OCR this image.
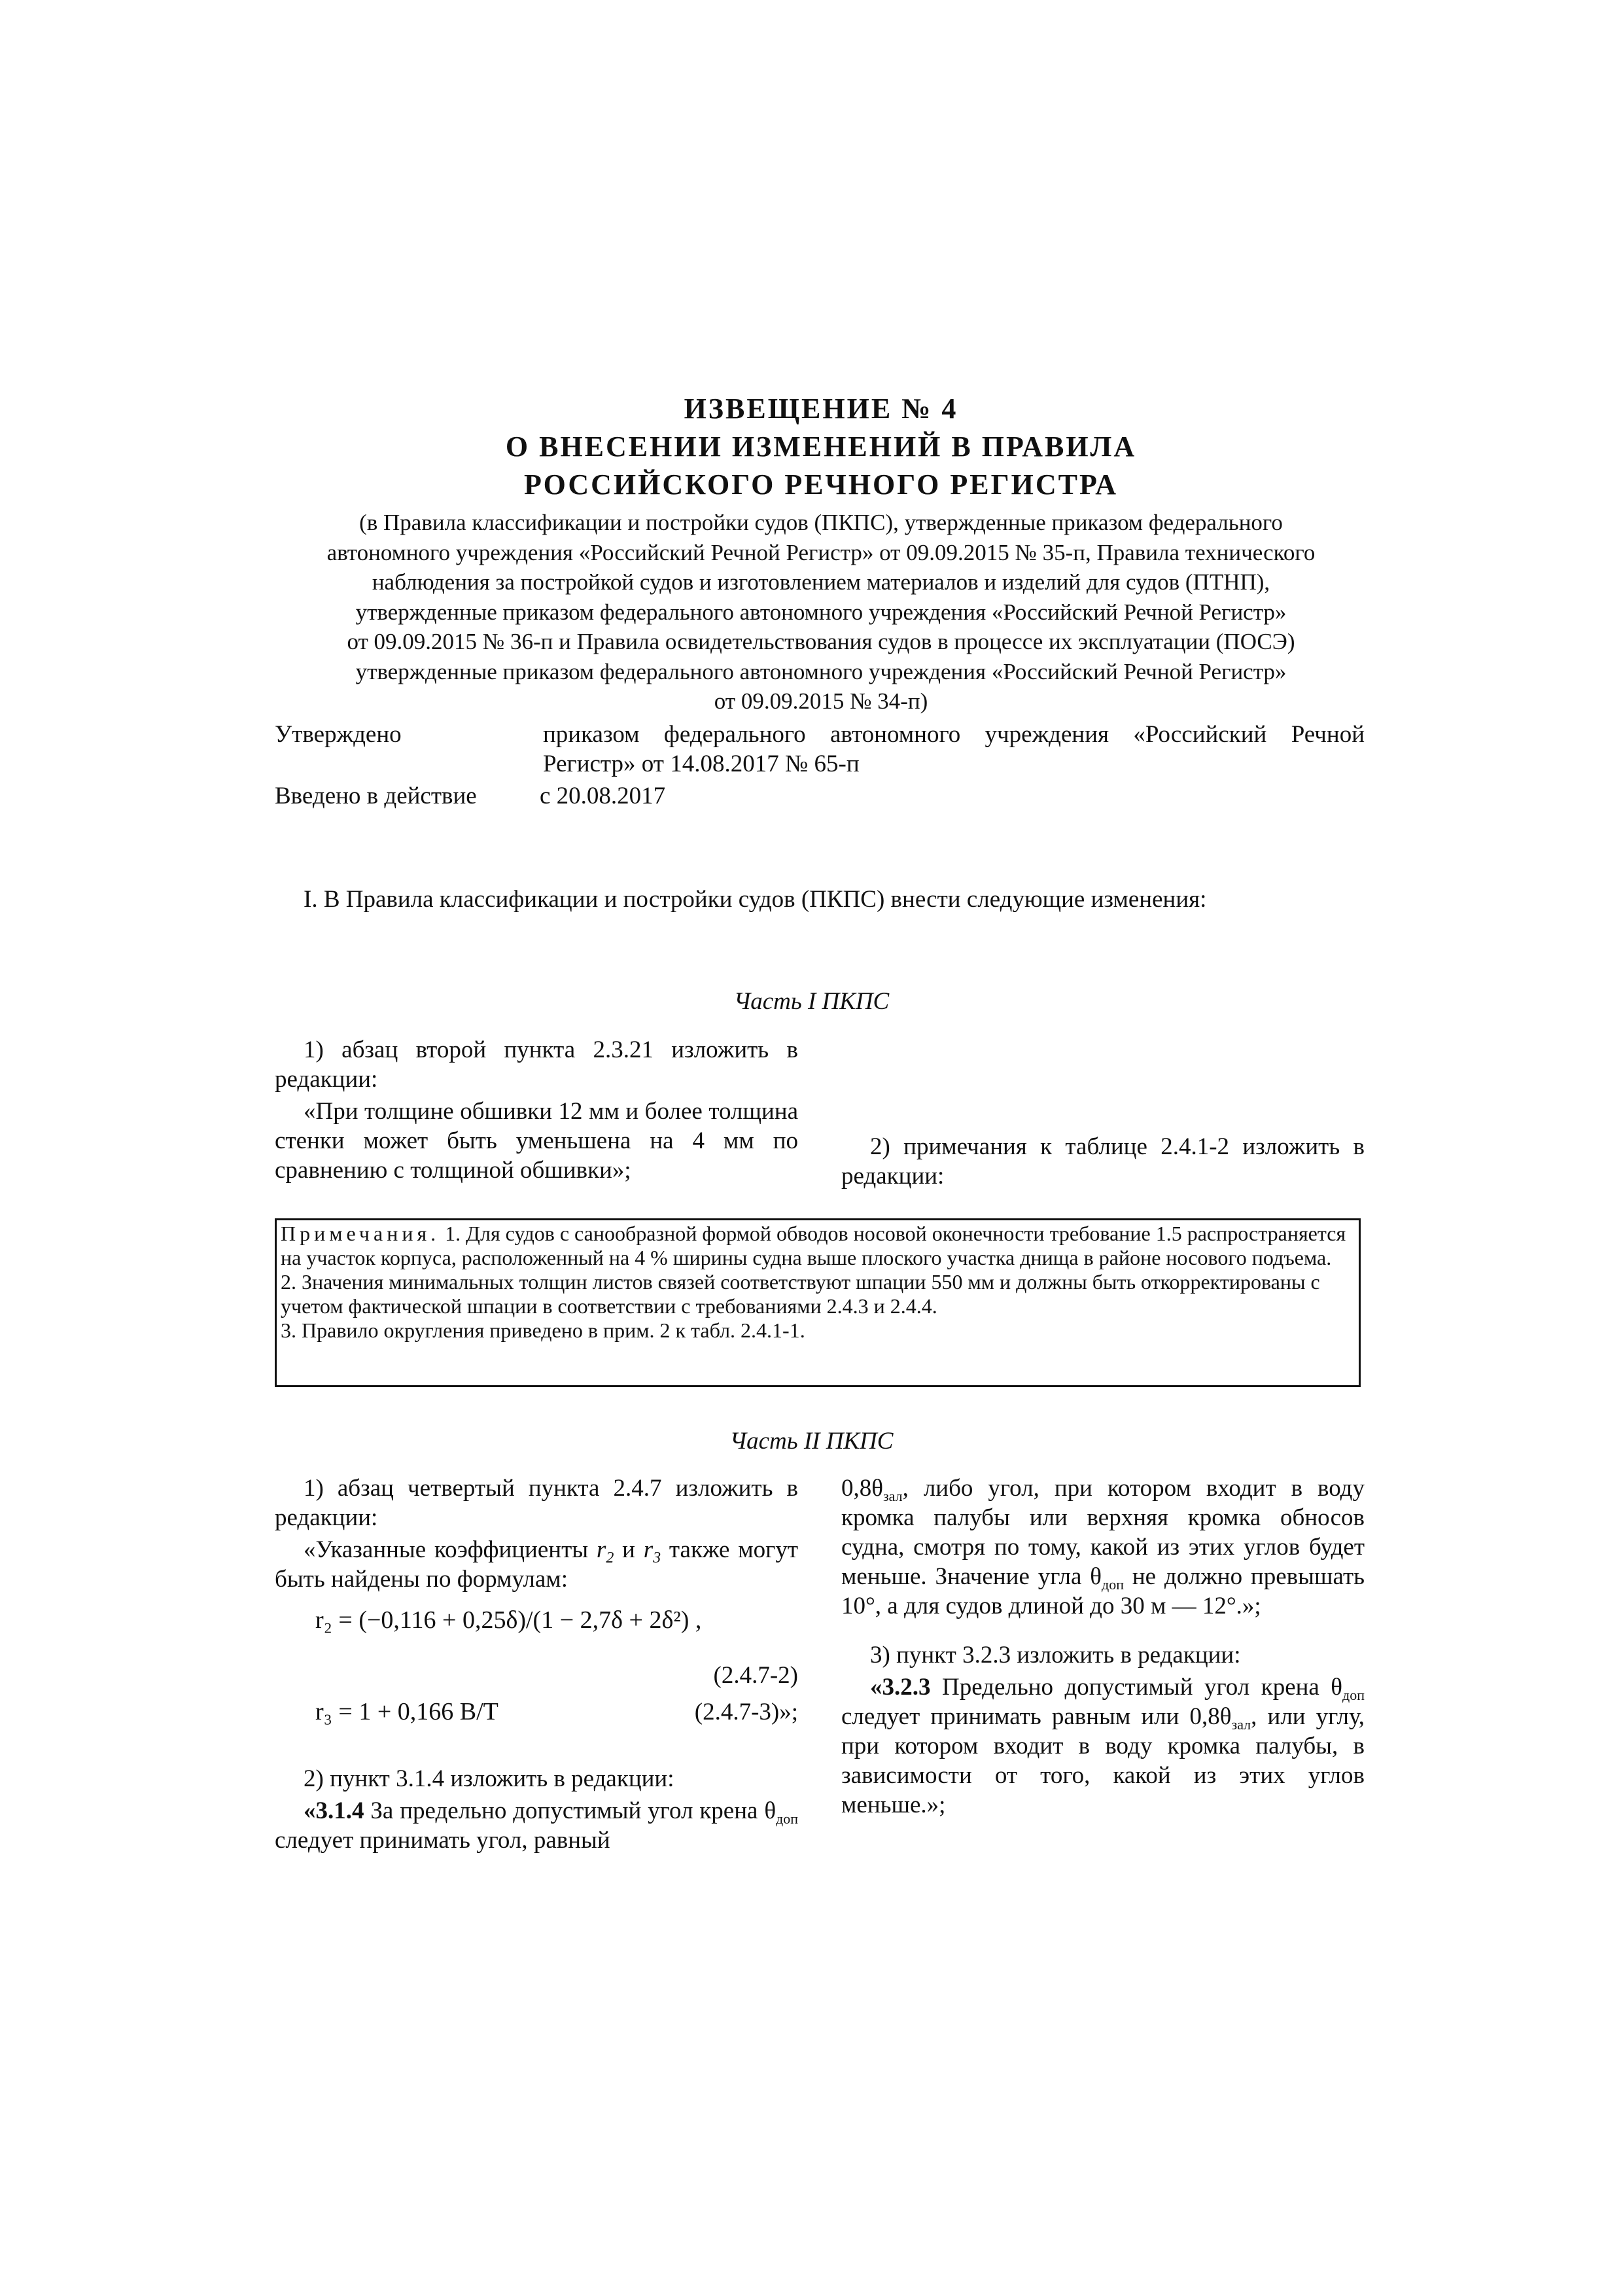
ИЗВЕЩЕНИЕ № 4
О ВНЕСЕНИИ ИЗМЕНЕНИЙ В ПРАВИЛА
РОССИЙСКОГО РЕЧНОГО РЕГИСТРА
(в Правила классификации и постройки судов (ПКПС), утвержденные приказом федерального
автономного учреждения «Российский Речной Регистр» от 09.09.2015 № 35-п, Правила технического
наблюдения за постройкой судов и изготовлением материалов и изделий для судов (ПТНП),
утвержденные приказом федерального автономного учреждения «Российский Речной Регистр»
от 09.09.2015 № 36-п и Правила освидетельствования судов в процессе их эксплуатации (ПОСЭ)
утвержденные приказом федерального автономного учреждения «Российский Речной Регистр»
от 09.09.2015 № 34-п)
Утверждено	приказом федерального автономного учреждения «Российский Речной Регистр» от 14.08.2017 № 65-п
Введено в действие	с 20.08.2017
I. В Правила классификации и постройки судов (ПКПС) внести следующие изменения:
Часть I ПКПС

1) абзац второй пункта 2.3.21 изложить в редакции:

«При толщине обшивки 12 мм и более толщина стенки может быть уменьшена на 4 мм по сравнению с толщиной обшивки»;

2) примечания к таблице 2.4.1-2 изложить в редакции:

Примечания. 1. Для судов с санообразной формой обводов носовой оконечности требование 1.5 распространяется на участок корпуса, расположенный на 4 % ширины судна выше плоского участка днища в районе носового подъема.

2. Значения минимальных толщин листов связей соответствуют шпации 550 мм и должны быть откорректированы с учетом фактической шпации в соответствии с требованиями 2.4.3 и 2.4.4.

3. Правило округления приведено в прим. 2 к табл. 2.4.1-1.

Часть II ПКПС

1) абзац четвертый пункта 2.4.7 изложить в редакции:

«Указанные коэффициенты $r_2$ и $r_3$ также могут быть найдены по формулам:

r₂ = (−0,116 + 0,25δ)/(1 − 2,7δ + 2δ²) ,
(2.4.7-2)
r₃ = 1 + 0,166 B/T	(2.4.7-3)»;

2) пункт 3.1.4 изложить в редакции:

«3.1.4 За предельно допустимый угол крена $\theta_{доп}$ следует принимать угол, равный

$0,8\theta_{зал}$, либо угол, при котором входит в воду кромка палубы или верхняя кромка обносов судна, смотря по тому, какой из этих углов будет меньше. Значение угла $\theta_{доп}$ не должно превышать 10°, а для судов длиной до 30 м — 12°.»;

3) пункт 3.2.3 изложить в редакции:

«3.2.3 Предельно допустимый угол крена $\theta_{доп}$ следует принимать равным или $0,8\theta_{зал}$, или углу, при котором входит в воду кромка палубы, в зависимости от того, какой из этих углов меньше.»;
